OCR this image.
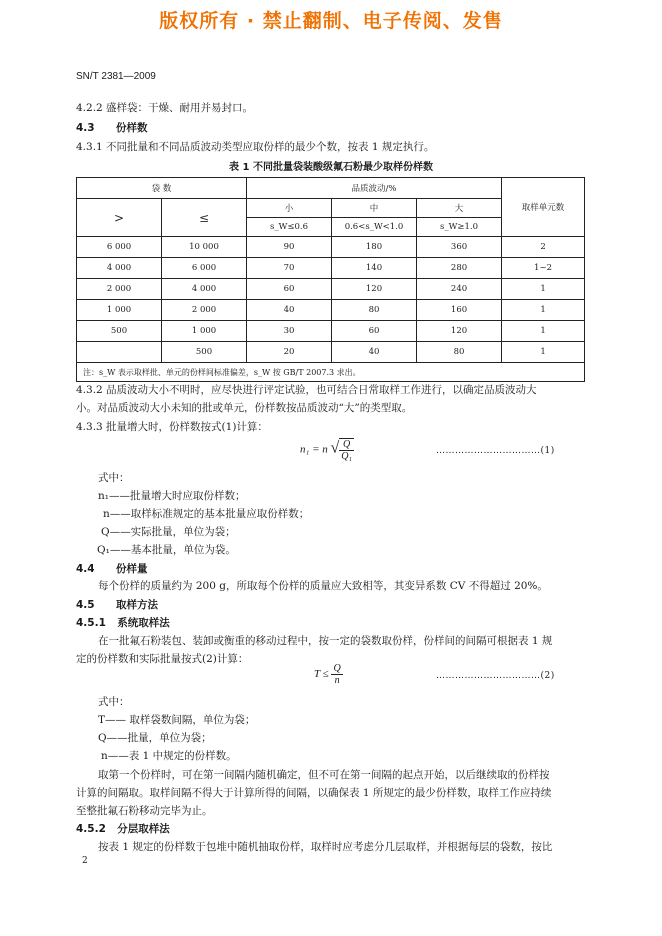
版权所有 · 禁止翻制、电子传阅、发售
SN/T 2381—2009
4.2.2 盛样袋：干燥、耐用并易封口。
4.3 份样数
4.3.1 不同批量和不同品质波动类型应取份样的最少个数，按表 1 规定执行。
表 1 不同批量袋装酸级氟石粉最少取样份样数
袋 数		品质波动/%			取样单元数
>	≤	小	中	大	
		s_W≤0.6	0.6<s_W<1.0	s_W≥1.0	
6 000	10 000	90	180	360	2
4 000	6 000	70	140	280	1~2
2 000	4 000	60	120	240	1
1 000	2 000	40	80	160	1
500	1 000	30	60	120	1
	500	20	40	80	1
注：s_W 表示取样批、单元的份样间标准偏差，s_W 按 GB/T 2007.3 求出。					
4.3.2 品质波动大小不明时，应尽快进行评定试验，也可结合日常取样工作进行，以确定品质波动大
小。对品质波动大小未知的批或单元，份样数按品质波动“大”的类型取。
4.3.3 批量增大时，份样数按式(1)计算：
n₁ = n √ $\frac{Q}{\text{Q₁}}$	……………………………(1)
式中：
n₁——批量增大时应取份样数；
n——取样标准规定的基本批量应取份样数；
Q——实际批量，单位为袋；
Q₁——基本批量，单位为袋。
4.4 份样量
每个份样的质量约为 200 g，所取每个份样的质量应大致相等，其变异系数 CV 不得超过 20%。
4.5 取样方法
4.5.1 系统取样法
在一批氟石粉装包、装卸或衡重的移动过程中，按一定的袋数取份样，份样间的间隔可根据表 1 规
定的份样数和实际批量按式(2)计算：
$T \le \frac{Q}{n}$	……………………………(2)
式中：
T—— 取样袋数间隔，单位为袋；
Q——批量，单位为袋；
n——表 1 中规定的份样数。
取第一个份样时，可在第一间隔内随机确定，但不可在第一间隔的起点开始，以后继续取的份样按
计算的间隔取。取样间隔不得大于计算所得的间隔，以确保表 1 所规定的最少份样数，取样工作应持续
至整批氟石粉移动完毕为止。
4.5.2 分层取样法
按表 1 规定的份样数于包堆中随机抽取份样，取样时应考虑分几层取样，并根据每层的袋数，按比
2
